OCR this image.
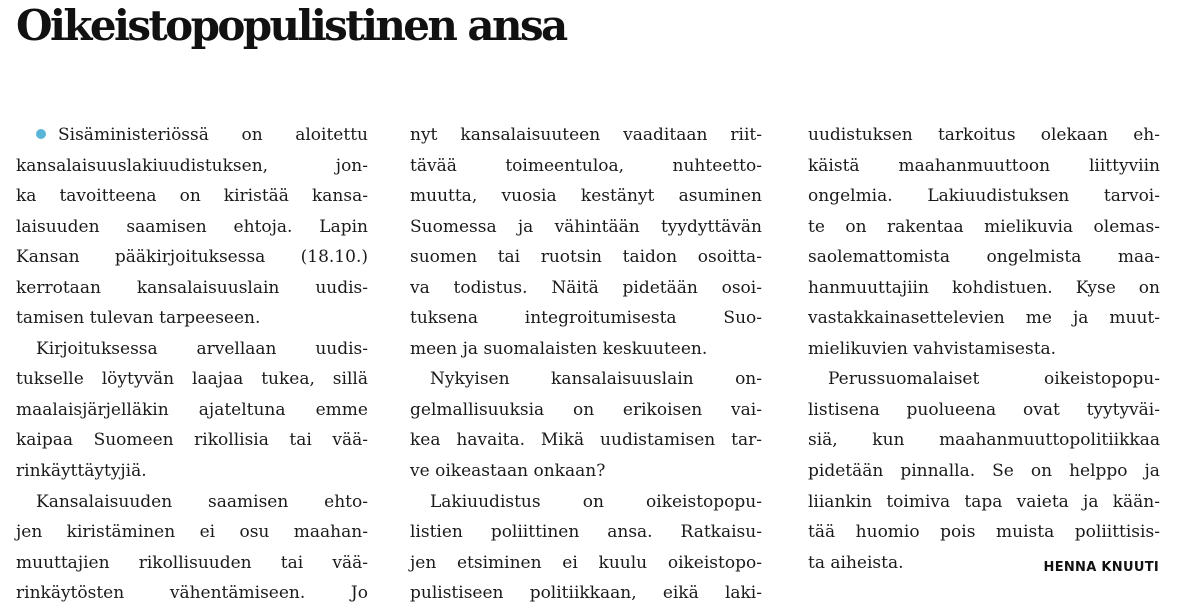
Oikeistopopulistinen ansa
Sisäministeriössä on aloitettu
kansalaisuuslakiuudistuksen,	jon-
ka tavoitteena on kiristää kansa-
laisuuden saamisen ehtoja. Lapin
Kansan pääkirjoituksessa (18.10.)
kerrotaan kansalaisuuslain uudis-
tamisen tulevan tarpeeseen.
Kirjoituksessa arvellaan uudis-
tukselle löytyvän laajaa tukea, sillä
maalaisjärjelläkin ajateltuna emme
kaipaa Suomeen rikollisia tai vää-
rinkäyttäytyjiä.
Kansalaisuuden saamisen ehto-
jen kiristäminen ei osu maahan-
muuttajien rikollisuuden tai vää-
rinkäytösten	vähentämiseen.	Jo
nyt kansalaisuuteen vaaditaan riit-
tävää	toimeentuloa,	nuhteetto-
muutta, vuosia kestänyt asuminen
Suomessa ja vähintään tyydyttävän
suomen tai ruotsin taidon osoitta-
va todistus. Näitä pidetään osoi-
tuksena	integroitumisesta	Suo-
meen ja suomalaisten keskuuteen.
Nykyisen kansalaisuuslain on-
gelmallisuuksia on erikoisen vai-
kea havaita. Mikä uudistamisen tar-
ve oikeastaan onkaan?
Lakiuudistus on oikeistopopu-
listien poliittinen ansa. Ratkaisu-
jen etsiminen ei kuulu oikeistopo-
pulistiseen politiikkaan, eikä laki-
uudistuksen tarkoitus olekaan eh-
käistä maahanmuuttoon liittyviin
ongelmia. Lakiuudistuksen tarvoi-
te on rakentaa mielikuvia olemas-
saolemattomista ongelmista maa-
hanmuuttajiin kohdistuen. Kyse on
vastakkainasettelevien me ja muut-
mielikuvien vahvistamisesta.
Perussuomalaiset	oikeistopopu-
listisena puolueena ovat tyytyväi-
siä, kun maahanmuuttopolitiikkaa
pidetään pinnalla. Se on helppo ja
liiankin toimiva tapa vaieta ja kään-
tää huomio pois muista poliittisis-
ta aiheista.	HENNA KNUUTI
